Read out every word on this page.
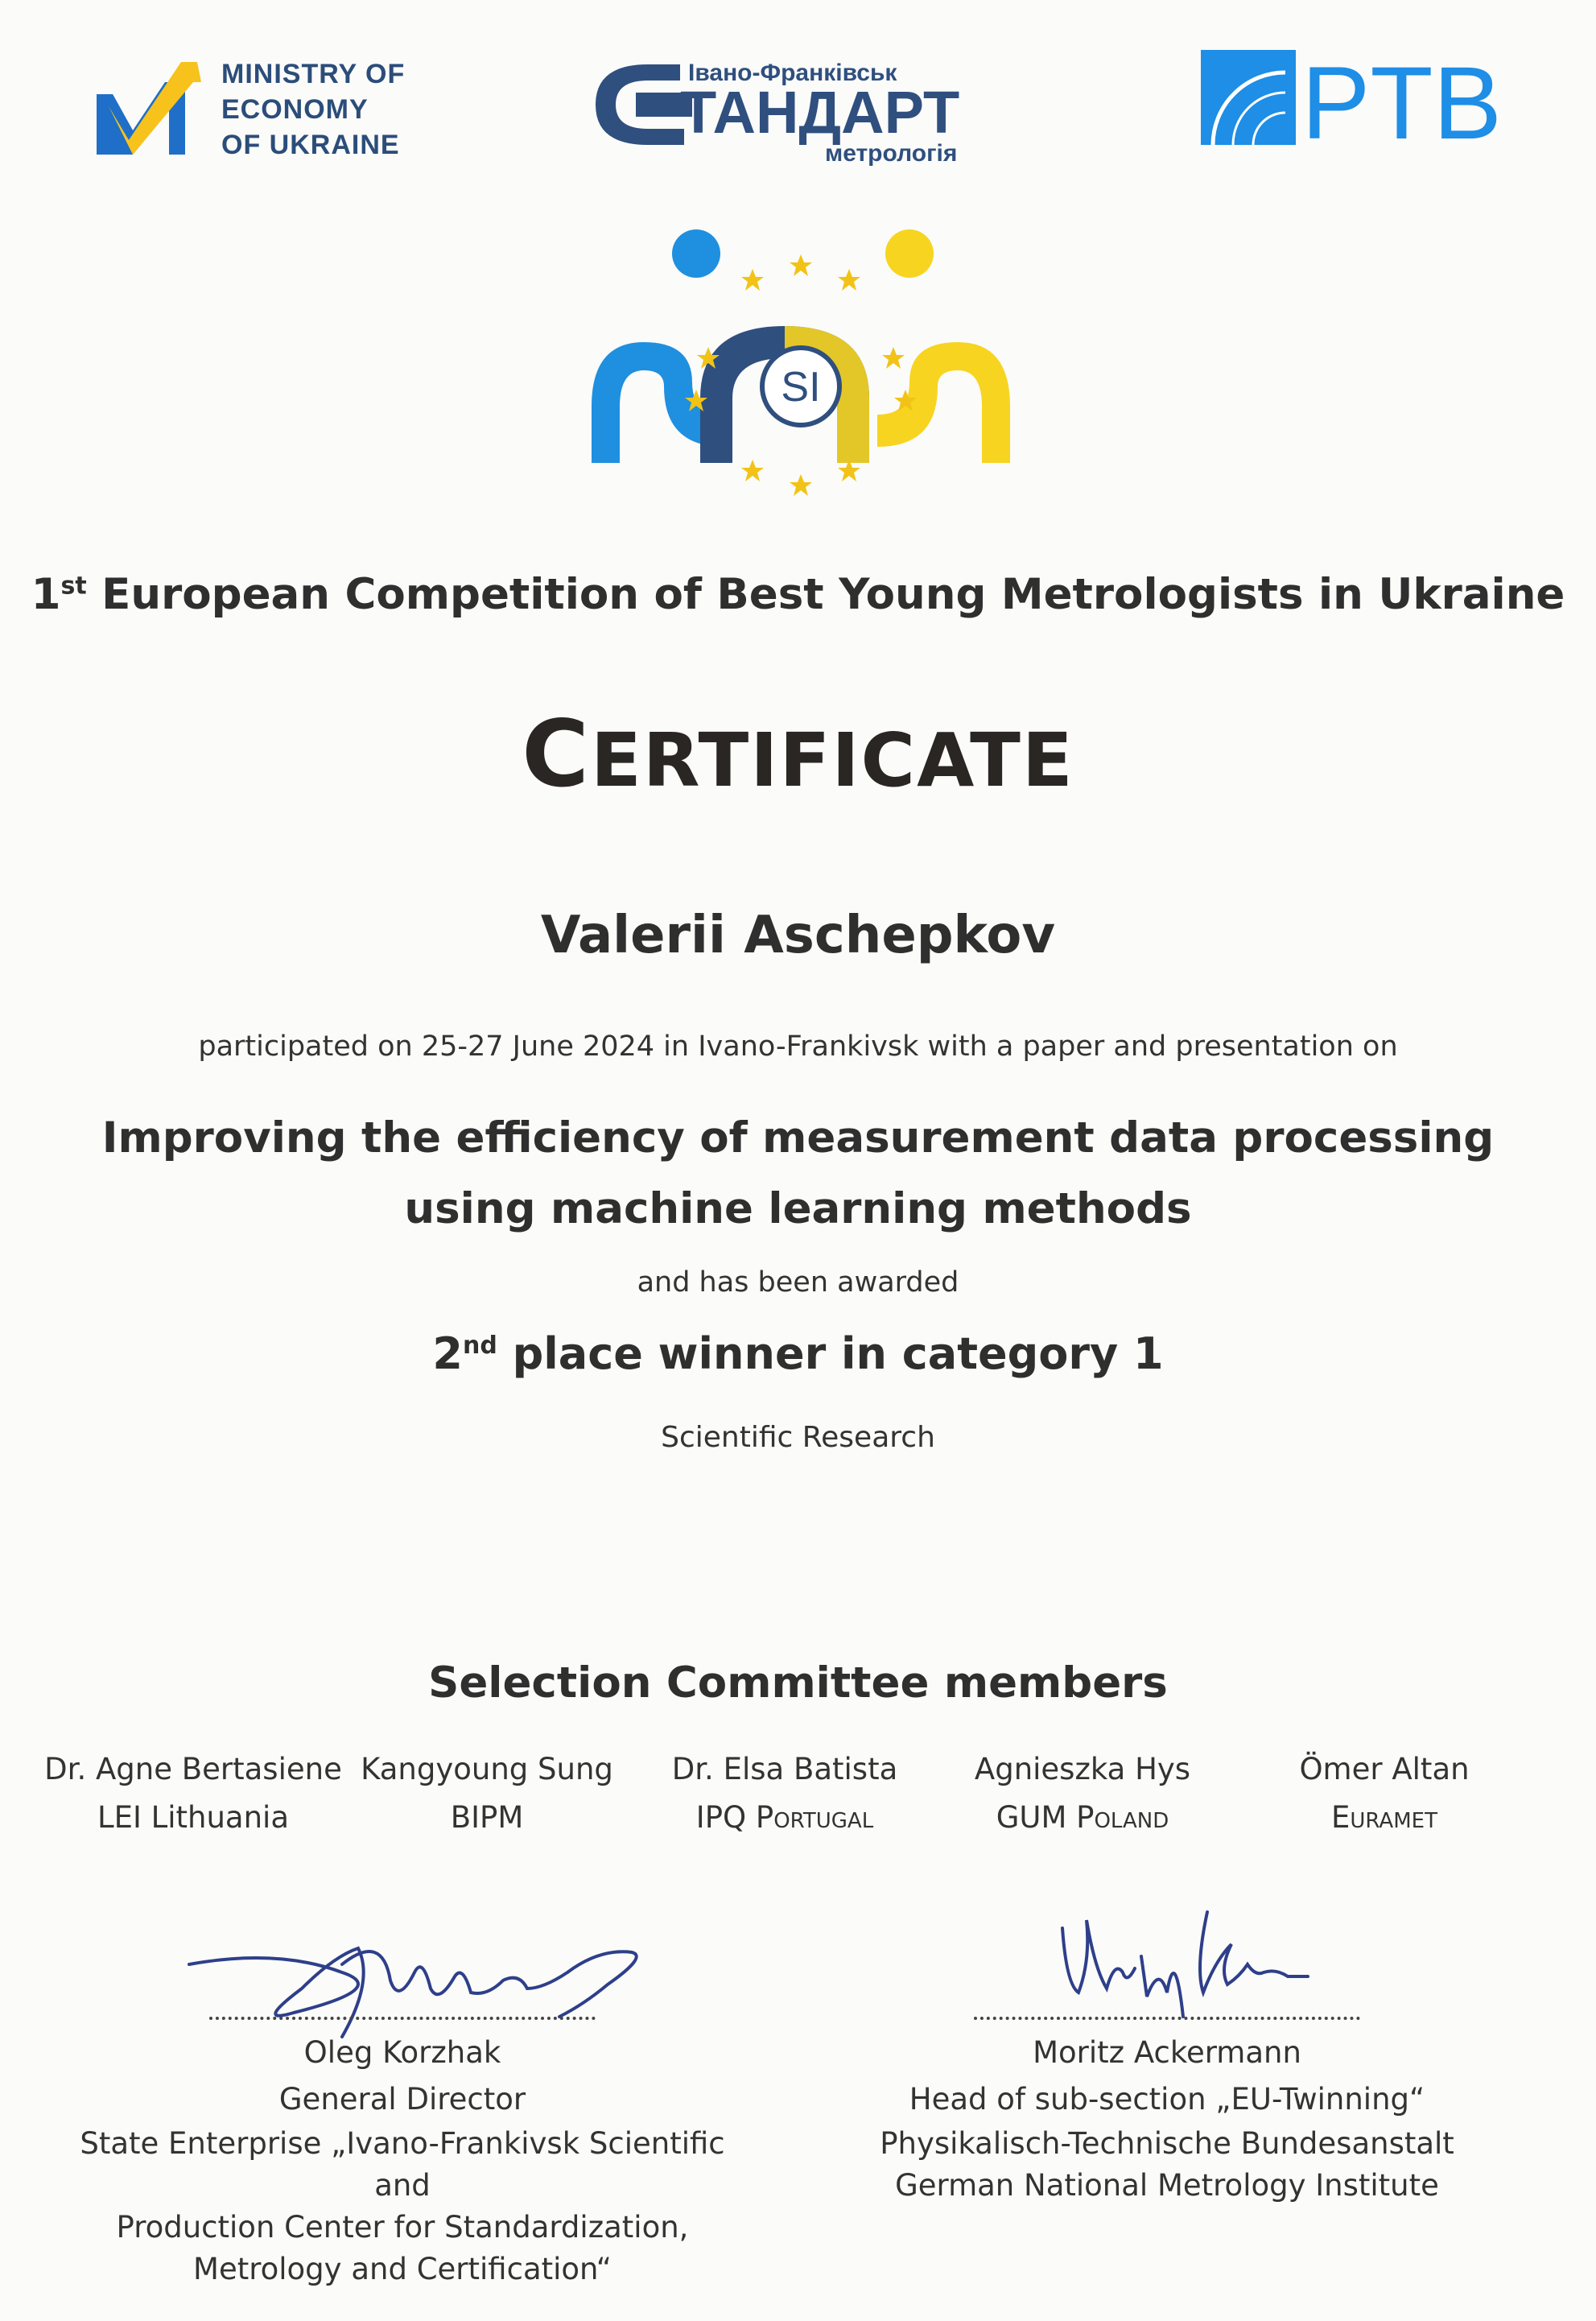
MINISTRY OF
ECONOMY
OF UKRAINE
Івано-Франківськ
ТАНДАРТ
метрологія	PTB
SI
1st European Competition of Best Young Metrologists in Ukraine
CERTIFICATE
Valerii Aschepkov
participated on 25-27 June 2024 in Ivano-Frankivsk with a paper and presentation on
Improving the efficiency of measurement data processing
using machine learning methods
and has been awarded
2nd place winner in category 1
Scientific Research
Selection Committee members
Dr. Agne Bertasiene
LEI Lithuania
Kangyoung Sung
BIPM
Dr. Elsa Batista
IPQ Portugal
Agnieszka Hys
GUM Poland
Ömer Altan
Euramet
Oleg Korzhak
General Director
State Enterprise „Ivano-Frankivsk Scientific and
Production Center for Standardization,
Metrology and Certification“
Moritz Ackermann
Head of sub-section „EU-Twinning“
Physikalisch-Technische Bundesanstalt
German National Metrology Institute
